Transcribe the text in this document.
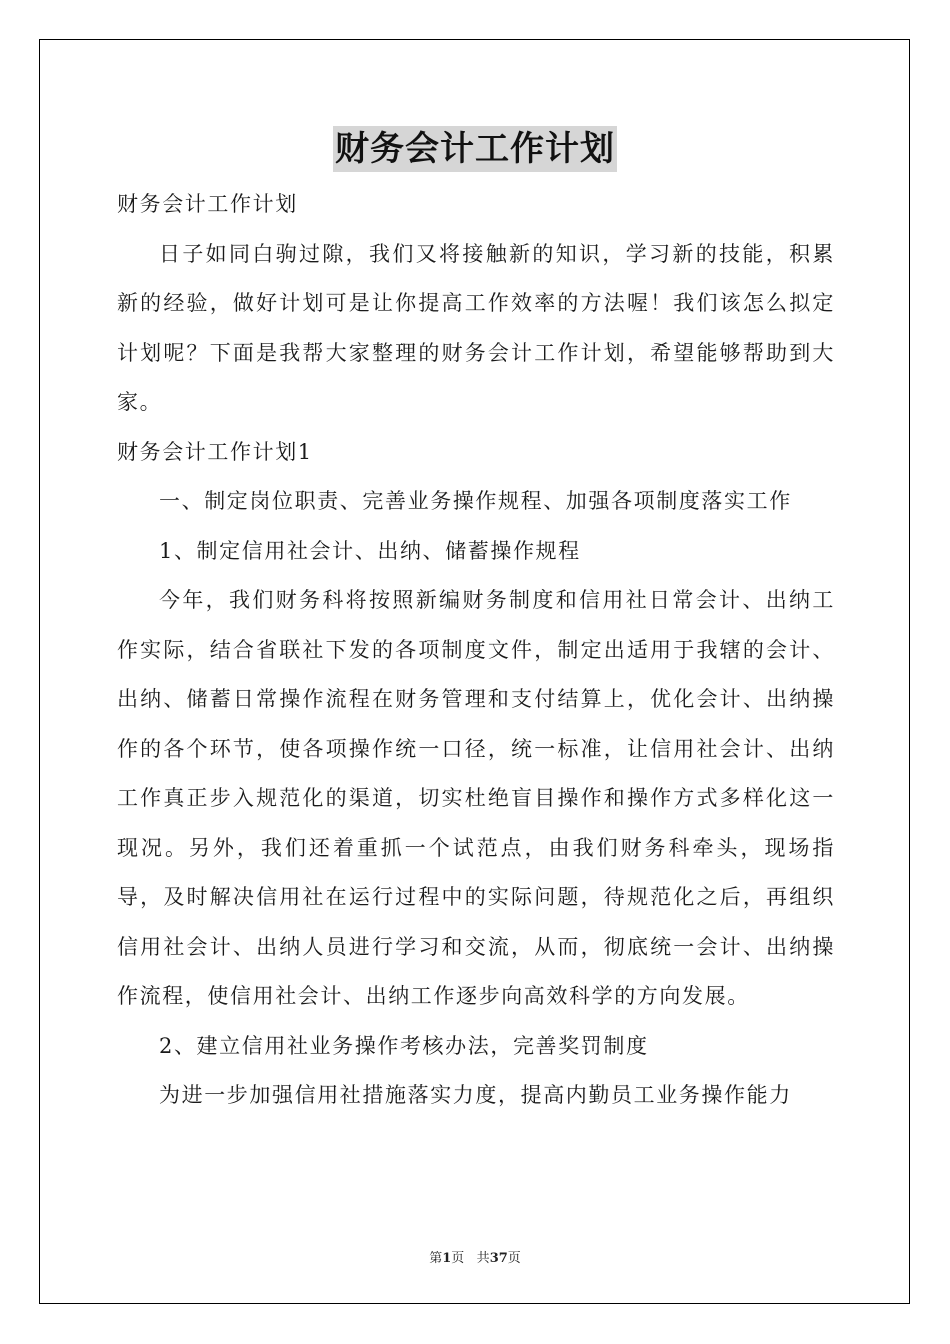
财务会计工作计划

财务会计工作计划

日子如同白驹过隙，我们又将接触新的知识，学习新的技能，积累新的经验，做好计划可是让你提高工作效率的方法喔！我们该怎么拟定计划呢？下面是我帮大家整理的财务会计工作计划，希望能够帮助到大家。

财务会计工作计划1

一、制定岗位职责、完善业务操作规程、加强各项制度落实工作

1、制定信用社会计、出纳、储蓄操作规程

今年，我们财务科将按照新编财务制度和信用社日常会计、出纳工作实际，结合省联社下发的各项制度文件，制定出适用于我辖的会计、出纳、储蓄日常操作流程在财务管理和支付结算上，优化会计、出纳操作的各个环节，使各项操作统一口径，统一标准，让信用社会计、出纳工作真正步入规范化的渠道，切实杜绝盲目操作和操作方式多样化这一现况。另外，我们还着重抓一个试范点，由我们财务科牵头，现场指导，及时解决信用社在运行过程中的实际问题，待规范化之后，再组织信用社会计、出纳人员进行学习和交流，从而，彻底统一会计、出纳操作流程，使信用社会计、出纳工作逐步向高效科学的方向发展。

2、建立信用社业务操作考核办法，完善奖罚制度

为进一步加强信用社措施落实力度，提高内勤员工业务操作能力

第1页 共37页
